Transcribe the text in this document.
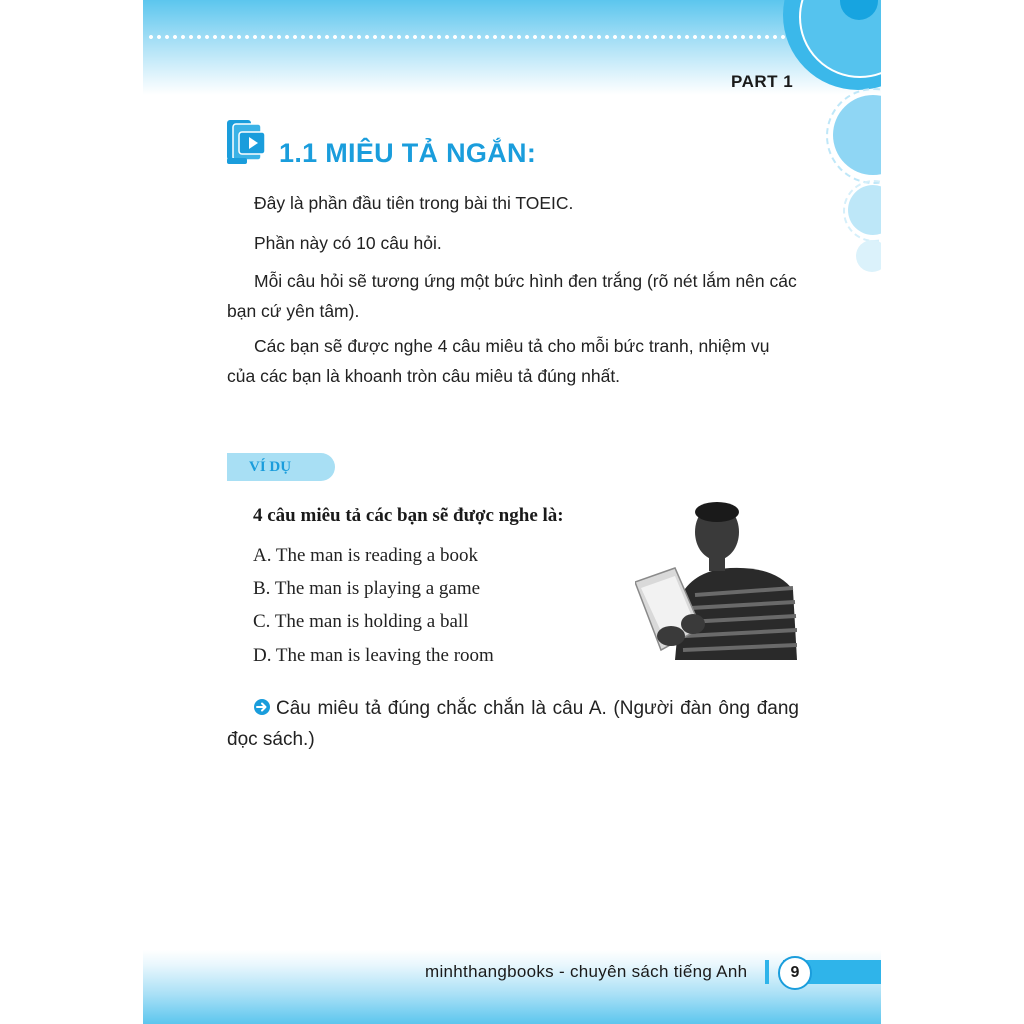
PART 1
1.1 MIÊU TẢ NGẮN:
Đây là phần đầu tiên trong bài thi TOEIC.
Phần này có 10 câu hỏi.
Mỗi câu hỏi sẽ tương ứng một bức hình đen trắng (rõ nét lắm nên các bạn cứ yên tâm).
Các bạn sẽ được nghe 4 câu miêu tả cho mỗi bức tranh, nhiệm vụ của các bạn là khoanh tròn câu miêu tả đúng nhất.
VÍ DỤ
4 câu miêu tả các bạn sẽ được nghe là:
A. The man is reading a book
B. The man is playing a game
C. The man is holding a ball
D. The man is leaving the room
Câu miêu tả đúng chắc chắn là câu A. (Người đàn ông đang đọc sách.)
minhthangbooks - chuyên sách tiếng Anh	9
